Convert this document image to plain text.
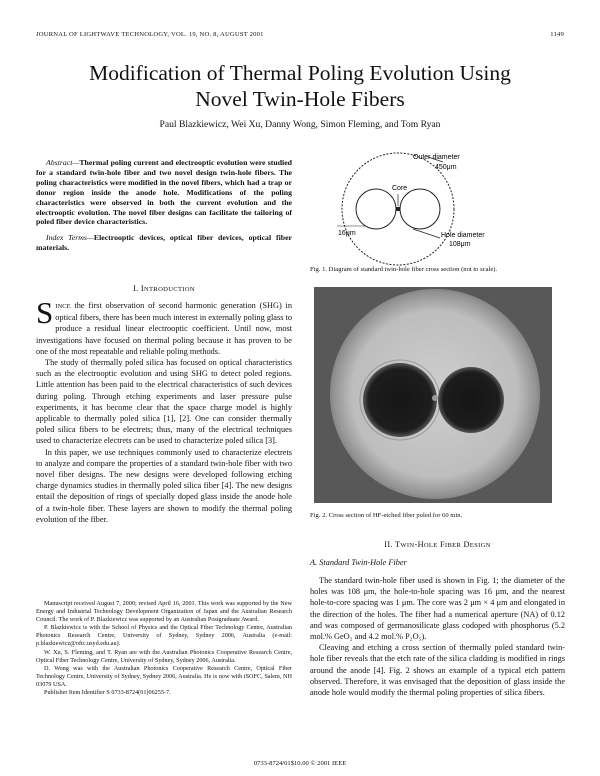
JOURNAL OF LIGHTWAVE TECHNOLOGY, VOL. 19, NO. 8, AUGUST 2001	1149
Modification of Thermal Poling Evolution Using
Novel Twin-Hole Fibers
Paul Blazkiewicz, Wei Xu, Danny Wong, Simon Fleming, and Tom Ryan

Abstract—Thermal poling current and electrooptic evolution were studied for a standard twin-hole fiber and two novel design twin-hole fibers. The poling characteristics were modified in the novel fibers, which had a trap or donor region inside the anode hole. Modifications of the poling characteristics were observed in both the current evolution and the electrooptic evolution. The novel fiber designs can facilitate the tailoring of poled fiber device characteristics.

Index Terms—Electrooptic devices, optical fiber devices, optical fiber materials.

I. INTRODUCTION

SINCE the first observation of second harmonic generation (SHG) in optical fibers, there has been much interest in externally poling glass to produce a residual linear electrooptic coefficient. Until now, most investigations have focused on thermal poling because it has proven to be one of the most repeatable and reliable poling methods.

The study of thermally poled silica has focused on optical characteristics such as the electrooptic evolution and using SHG to detect poled regions. Little attention has been paid to the electrical characteristics of such devices during poling. Through etching experiments and laser pressure pulse experiments, it has become clear that the space charge model is highly applicable to thermally poled silica [1], [2]. One can consider thermally poled silica fibers to be electrets; thus, many of the electrical techniques used to characterize electrets can be used to characterize poled silica [3].

In this paper, we use techniques commonly used to characterize electrets to analyze and compare the properties of a standard twin-hole fiber with two novel fiber designs. The new designs were developed following etching charge dynamics studies in thermally poled silica fiber [4]. The new designs entail the deposition of rings of specially doped glass inside the anode hole of a twin-hole fiber. These layers are shown to modify the thermal poling evolution of the fiber.

Manuscript received August 7, 2000; revised April 16, 2001. This work was supported by the New Energy and Industrial Technology Development Organization of Japan and the Australian Research Council. The work of P. Blazkiewicz was supported by an Australian Postgraduate Award.

P. Blazkiewicz is with the School of Physics and the Optical Fiber Technology Centre, Australian Photonics Research Centre, University of Sydney, Sydney 2006, Australia (e-mail: p.blazkiewicz@oftc.usyd.edu.au).

W. Xu, S. Fleming, and T. Ryan are with the Australian Photonics Cooperative Research Centre, Optical Fiber Technology Centre, University of Sydney, Sydney 2006, Australia.

D. Wong was with the Australian Photonics Cooperative Research Centre, Optical Fiber Technology Centre, University of Sydney, Sydney 2006, Australia. He is now with iSOFC, Salem, NH 03079 USA.

Publisher Item Identifier S 0733-8724(01)06255-7.

Outer diameter
450μm
Core
16μm	Hole diameter
108μm
Fig. 1. Diagram of standard twin-hole fiber cross section (not to scale).
Fig. 2. Cross section of HF-etched fiber poled for 60 min.
II. TWIN-HOLE FIBER DESIGN
A. Standard Twin-Hole Fiber

The standard twin-hole fiber used is shown in Fig. 1; the diameter of the holes was 108 μm, the hole-to-hole spacing was 16 μm, and the nearest hole-to-core spacing was 1 μm. The core was 2 μm × 4 μm and elongated in the direction of the holes. The fiber had a numerical aperture (NA) of 0.12 and was composed of germanosilicate glass codoped with phosphorus (5.2 mol.% GeO₂ and 4.2 mol.% P₂O₅).

Cleaving and etching a cross section of thermally poled standard twin-hole fiber reveals that the etch rate of the silica cladding is modified in rings around the anode [4]. Fig. 2 shows an example of a typical etch pattern observed. Therefore, it was envisaged that the deposition of glass inside the anode hole would modify the thermal poling properties of silica fibers.

0733-8724/01$10.00 © 2001 IEEE
